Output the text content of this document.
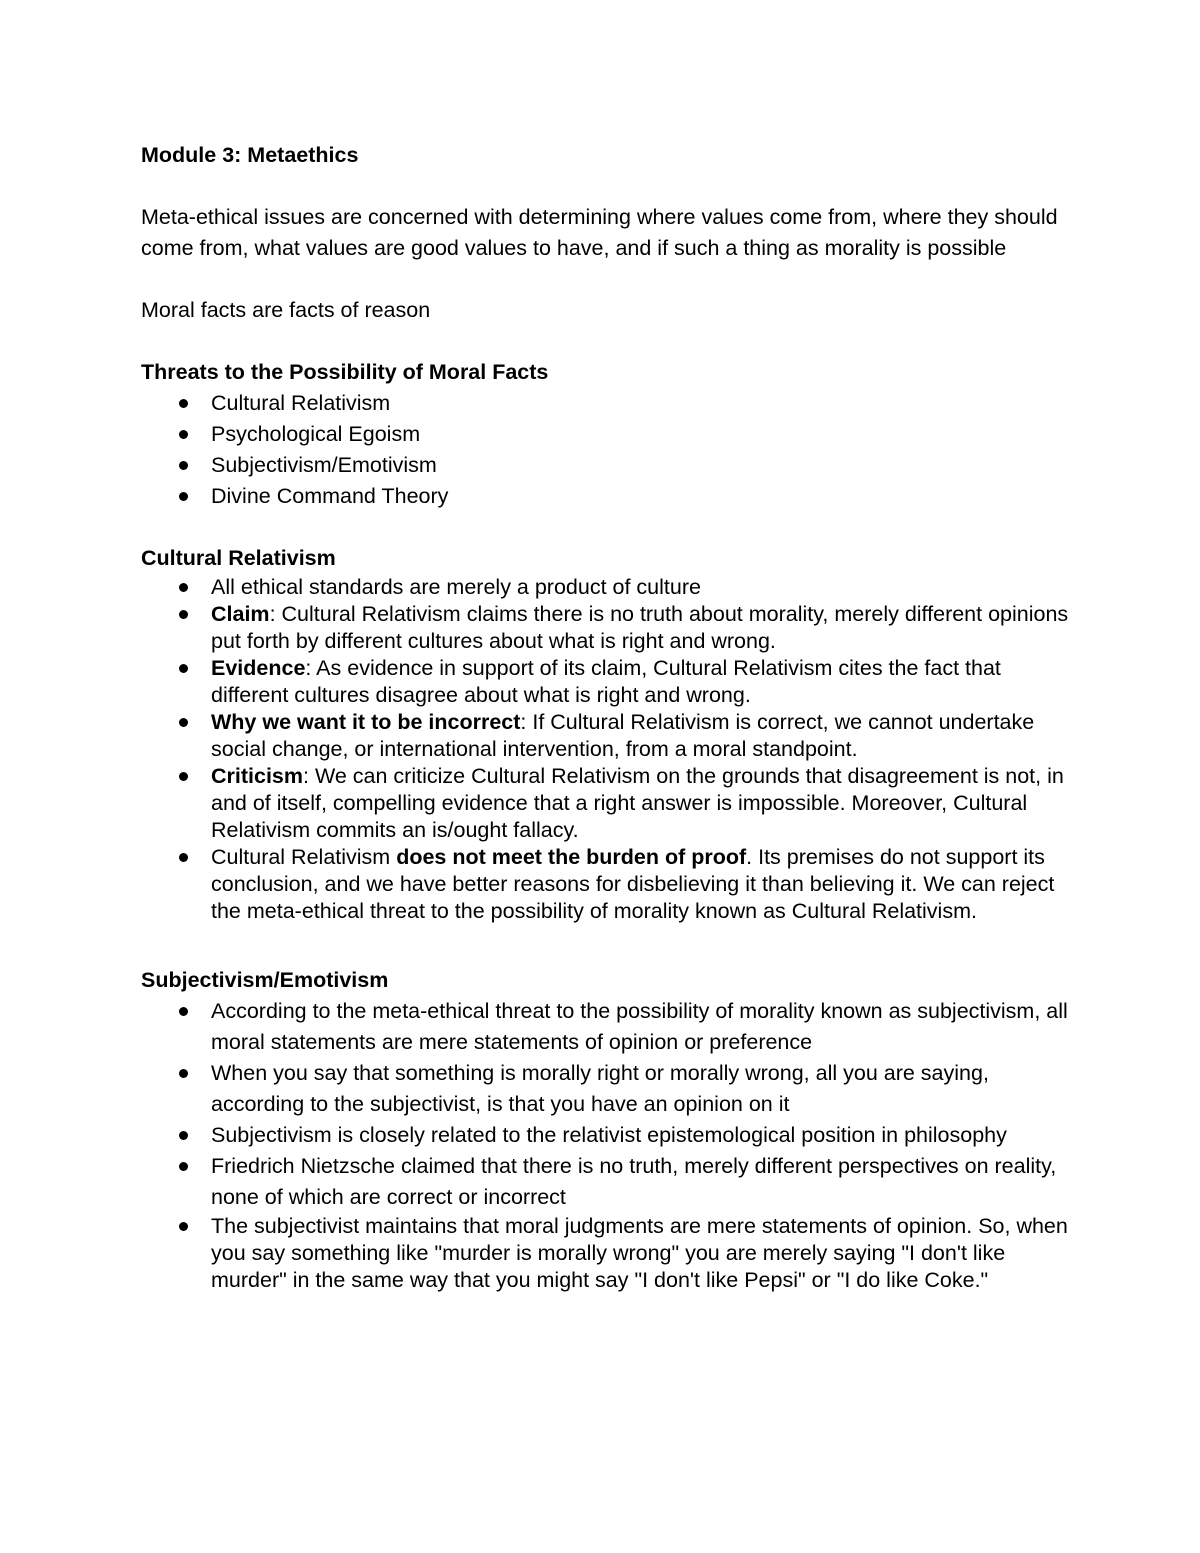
Module 3: Metaethics

Meta-ethical issues are concerned with determining where values come from, where they should come from, what values are good values to have, and if such a thing as morality is possible

Moral facts are facts of reason

Threats to the Possibility of Moral Facts

Cultural Relativism
Psychological Egoism
Subjectivism/Emotivism
Divine Command Theory

Cultural Relativism

All ethical standards are merely a product of culture
Claim: Cultural Relativism claims there is no truth about morality, merely different opinions put forth by different cultures about what is right and wrong.
Evidence: As evidence in support of its claim, Cultural Relativism cites the fact that different cultures disagree about what is right and wrong.
Why we want it to be incorrect: If Cultural Relativism is correct, we cannot undertake social change, or international intervention, from a moral standpoint.
Criticism: We can criticize Cultural Relativism on the grounds that disagreement is not, in and of itself, compelling evidence that a right answer is impossible. Moreover, Cultural Relativism commits an is/ought fallacy.
Cultural Relativism does not meet the burden of proof. Its premises do not support its conclusion, and we have better reasons for disbelieving it than believing it. We can reject the meta-ethical threat to the possibility of morality known as Cultural Relativism.

Subjectivism/Emotivism

According to the meta-ethical threat to the possibility of morality known as subjectivism, all moral statements are mere statements of opinion or preference
When you say that something is morally right or morally wrong, all you are saying, according to the subjectivist, is that you have an opinion on it
Subjectivism is closely related to the relativist epistemological position in philosophy
Friedrich Nietzsche claimed that there is no truth, merely different perspectives on reality, none of which are correct or incorrect
The subjectivist maintains that moral judgments are mere statements of opinion. So, when you say something like "murder is morally wrong" you are merely saying "I don't like murder" in the same way that you might say "I don't like Pepsi" or "I do like Coke."
